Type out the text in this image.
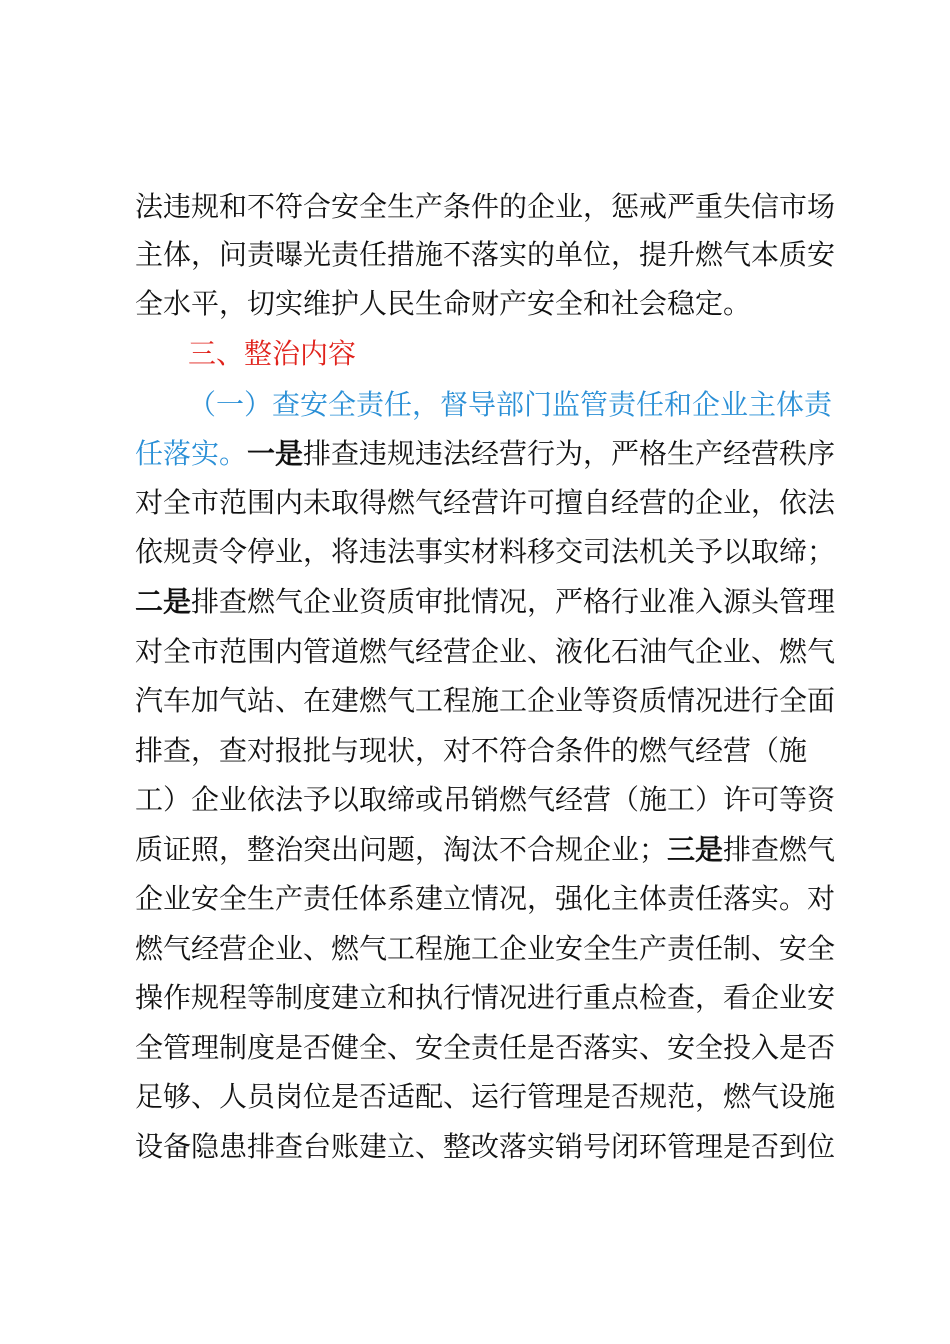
法违规和不符合安全生产条件的企业，惩戒严重失信市场
主体，问责曝光责任措施不落实的单位，提升燃气本质安
全水平，切实维护人民生命财产安全和社会稳定。
三、整治内容
（一）查安全责任，督导部门监管责任和企业主体责
任落实。一是排查违规违法经营行为，严格生产经营秩序
对全市范围内未取得燃气经营许可擅自经营的企业，依法
依规责令停业，将违法事实材料移交司法机关予以取缔；
二是排查燃气企业资质审批情况，严格行业准入源头管理
对全市范围内管道燃气经营企业、液化石油气企业、燃气
汽车加气站、在建燃气工程施工企业等资质情况进行全面
排查，查对报批与现状，对不符合条件的燃气经营（施
工）企业依法予以取缔或吊销燃气经营（施工）许可等资
质证照，整治突出问题，淘汰不合规企业；三是排查燃气
企业安全生产责任体系建立情况，强化主体责任落实。对
燃气经营企业、燃气工程施工企业安全生产责任制、安全
操作规程等制度建立和执行情况进行重点检查，看企业安
全管理制度是否健全、安全责任是否落实、安全投入是否
足够、人员岗位是否适配、运行管理是否规范，燃气设施
设备隐患排查台账建立、整改落实销号闭环管理是否到位
